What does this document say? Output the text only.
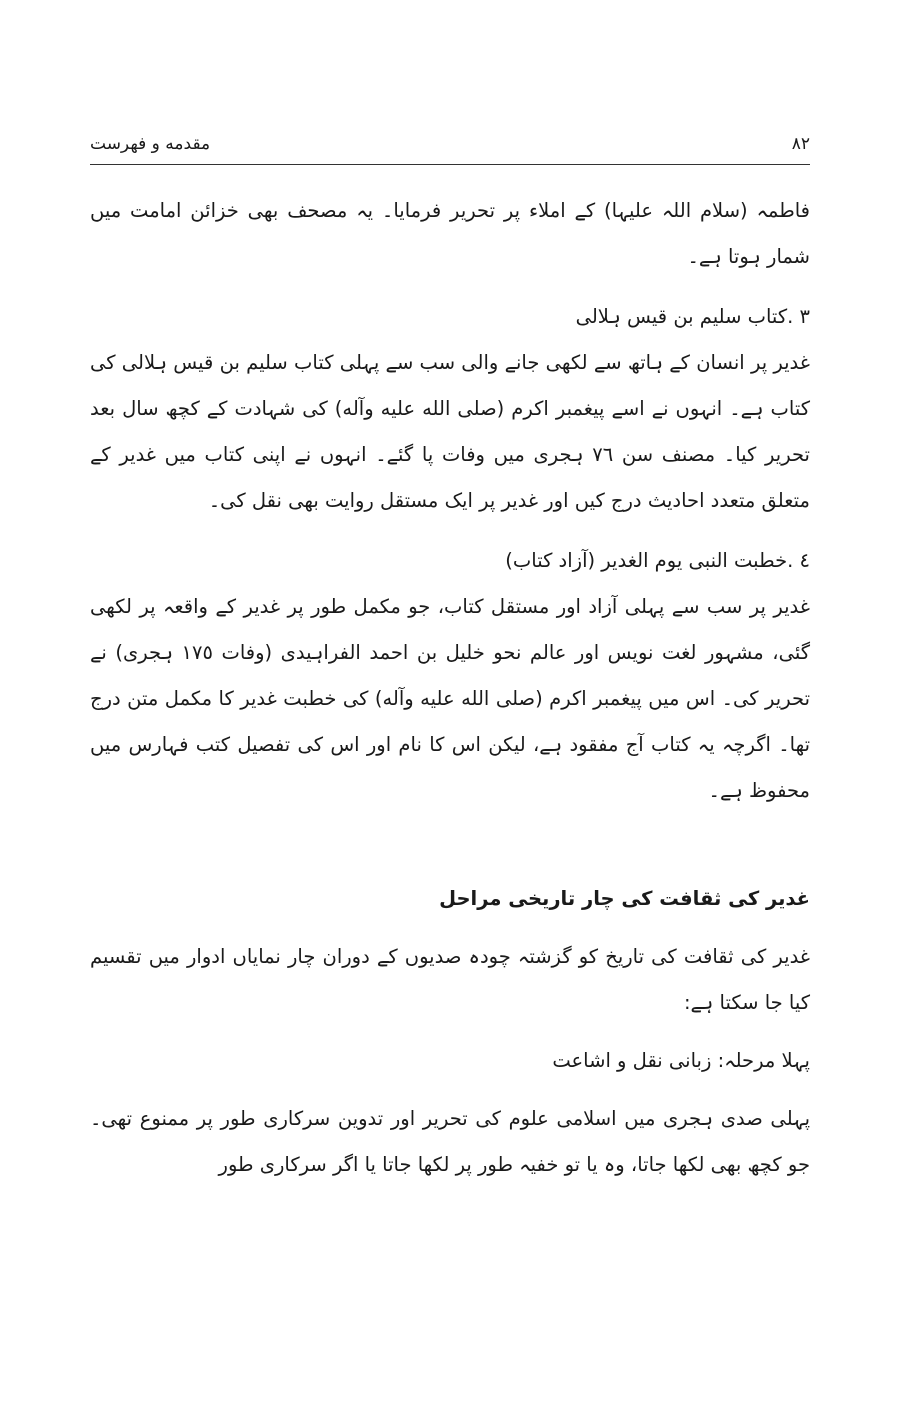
مقدمه و فهرست	۸۲

فاطمہ (سلام اللہ علیہا) کے املاء پر تحریر فرمایا۔ یہ مصحف بھی خزائن امامت میں شمار ہوتا ہے۔

۳ .کتاب سلیم بن قیس ہلالی

غدیر پر انسان کے ہاتھ سے لکھی جانے والی سب سے پہلی کتاب سلیم بن قیس ہلالی کی کتاب ہے۔ انہوں نے اسے پیغمبر اکرم (صلی الله علیه وآله) کی شہادت کے کچھ سال بعد تحریر کیا۔ مصنف سن ٧٦ ہجری میں وفات پا گئے۔ انہوں نے اپنی کتاب میں غدیر کے متعلق متعدد احادیث درج کیں اور غدیر پر ایک مستقل روایت بھی نقل کی۔

٤ .خطبت النبی یوم الغدیر (آزاد کتاب)

غدیر پر سب سے پہلی آزاد اور مستقل کتاب، جو مکمل طور پر غدیر کے واقعہ پر لکھی گئی، مشہور لغت نویس اور عالم نحو خلیل بن احمد الفراہیدی (وفات ١٧٥ ہجری) نے تحریر کی۔ اس میں پیغمبر اکرم (صلی الله علیه وآله) کی خطبت غدیر کا مکمل متن درج تھا۔ اگرچہ یہ کتاب آج مفقود ہے، لیکن اس کا نام اور اس کی تفصیل کتب فہارس میں محفوظ ہے۔

غدیر کی ثقافت کی چار تاریخی مراحل

غدیر کی ثقافت کی تاریخ کو گزشتہ چودہ صدیوں کے دوران چار نمایاں ادوار میں تقسیم کیا جا سکتا ہے:

پہلا مرحلہ: زبانی نقل و اشاعت

پہلی صدی ہجری میں اسلامی علوم کی تحریر اور تدوین سرکاری طور پر ممنوع تھی۔ جو کچھ بھی لکھا جاتا، وہ یا تو خفیہ طور پر لکھا جاتا یا اگر سرکاری طور
